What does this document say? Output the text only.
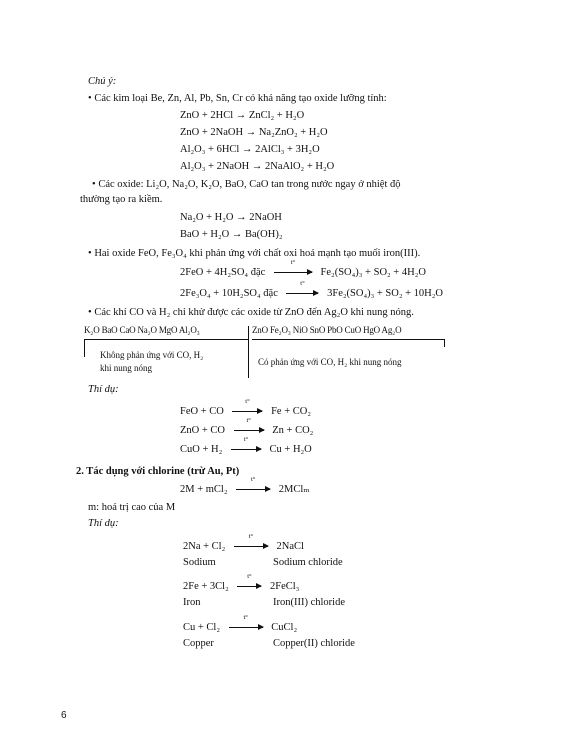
Chú ý:
• Các kim loại Be, Zn, Al, Pb, Sn, Cr có khả năng tạo oxide lưỡng tính:
ZnO + 2HCl → ZnCl₂ + H₂O
ZnO + 2NaOH → Na₂ZnO₂ + H₂O
Al₂O₃ + 6HCl → 2AlCl₃ + 3H₂O
Al₂O₃ + 2NaOH → 2NaAlO₂ + H₂O
• Các oxide: Li₂O, Na₂O, K₂O, BaO, CaO tan trong nước ngay ở nhiệt độ
thường tạo ra kiềm.
Na₂O + H₂O → 2NaOH
BaO + H₂O → Ba(OH)₂
• Hai oxide FeO, Fe₃O₄ khi phản ứng với chất oxi hoá mạnh tạo muối iron(III).
2FeO + 4H₂SO₄ đặc
t°
Fe₂(SO₄)₃ + SO₂ + 4H₂O
2Fe₃O₄ + 10H₂SO₄ đặc
t°
3Fe₂(SO₄)₃ + SO₂ + 10H₂O
• Các khí CO và H₂ chỉ khử được các oxide từ ZnO đến Ag₂O khi nung nóng.
K₂O BaO CaO Na₂O MgO Al₂O₃	ZnO Fe₂O₃ NiO SnO PbO CuO HgO Ag₂O
Không phản ứng với CO, H₂
khi nung nóng
Có phản ứng với CO, H₂ khi nung nóng
Thí dụ:
FeO + CO
t°
Fe + CO₂
ZnO + CO
t°
Zn + CO₂
CuO + H₂
t°
Cu + H₂O
2. Tác dụng với chlorine (trừ Au, Pt)
2M + mCl₂
t°
2MClₘ
m: hoá trị cao của M
Thí dụ:
2Na + Cl₂
t°
2NaCl
Sodium	Sodium chloride
2Fe + 3Cl₂
t°
2FeCl₃
Iron	Iron(III) chloride
Cu + Cl₂
t°
CuCl₂
Copper	Copper(II) chloride
6
